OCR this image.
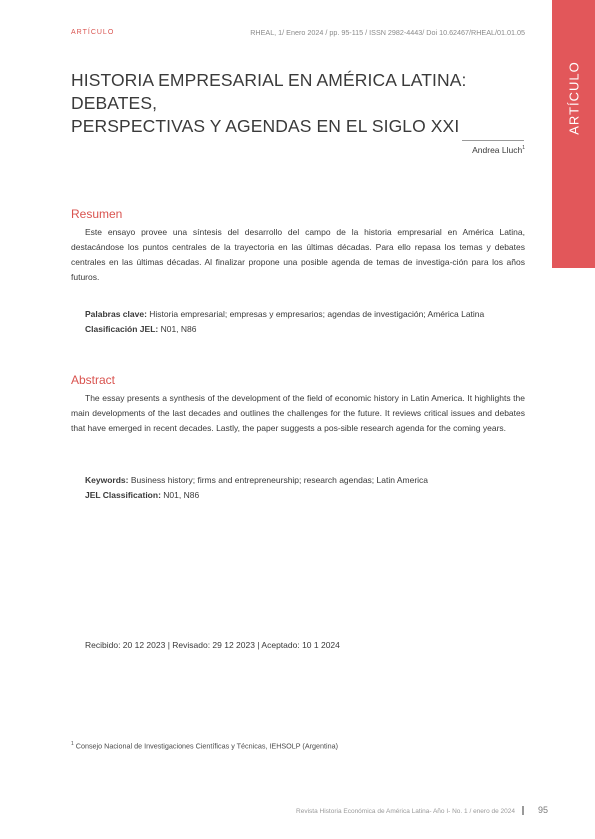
ARTÍCULO	RHEAL, 1/ Enero 2024 / pp. 95-115 / ISSN 2982-4443/ Doi 10.62467/RHEAL/01.01.05
ARTÍCULO
HISTORIA EMPRESARIAL EN AMÉRICA LATINA: DEBATES,
PERSPECTIVAS Y AGENDAS EN EL SIGLO XXI
Andrea Lluch$^1$
Resumen

Este ensayo provee una síntesis del desarrollo del campo de la historia empresarial en América Latina, destacándose los puntos centrales de la trayectoria en las últimas décadas. Para ello repasa los temas y debates centrales en las últimas décadas. Al finalizar propone una posible agenda de temas de investiga-ción para los años futuros.

Palabras clave: Historia empresarial; empresas y empresarios; agendas de investigación; América Latina
Clasificación JEL: N01, N86
Abstract

The essay presents a synthesis of the development of the field of economic history in Latin America. It highlights the main developments of the last decades and outlines the challenges for the future. It reviews critical issues and debates that have emerged in recent decades. Lastly, the paper suggests a pos-sible research agenda for the coming years.

Keywords: Business history; firms and entrepreneurship; research agendas; Latin America
JEL Classification: N01, N86
Recibido: 20 12 2023 | Revisado: 29 12 2023 | Aceptado: 10 1 2024
$^1$ Consejo Nacional de Investigaciones Científicas y Técnicas, IEHSOLP (Argentina)
Revista Historia Económica de América Latina- Año I- No. 1 / enero de 2024	95
